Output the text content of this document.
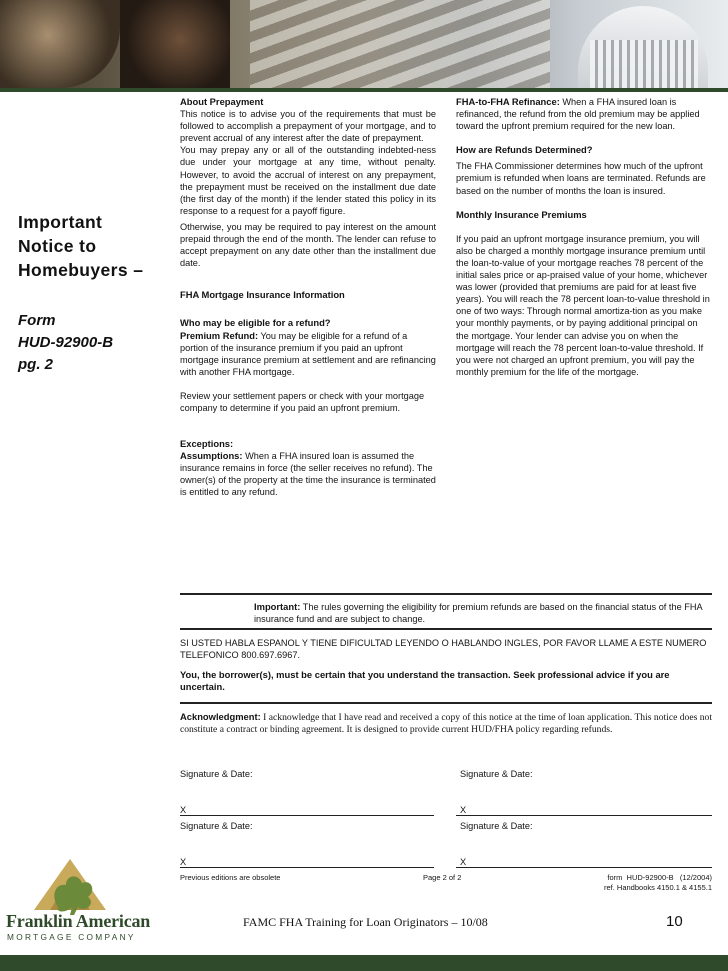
Important
Notice to
Homebuyers –
Form
HUD-92900-B
pg. 2
About Prepayment
This notice is to advise you of the requirements that must be followed to accomplish a prepayment of your mortgage, and to prevent accrual of any interest after the date of prepayment.
You may prepay any or all of the outstanding indebted-ness due under your mortgage at any time, without penalty. However, to avoid the accrual of interest on any prepayment, the prepayment must be received on the installment due date (the first day of the month) if the lender stated this policy in its response to a request for a payoff figure.
Otherwise, you may be required to pay interest on the amount prepaid through the end of the month. The lender can refuse to accept prepayment on any date other than the installment due date.
FHA Mortgage Insurance Information
Who may be eligible for a refund?
Premium Refund: You may be eligible for a refund of a portion of the insurance premium if you paid an upfront mortgage insurance premium at settlement and are refinancing with another FHA mortgage.
Review your settlement papers or check with your mortgage company to determine if you paid an upfront premium.
Exceptions:
Assumptions: When a FHA insured loan is assumed the insurance remains in force (the seller receives no refund). The owner(s) of the property at the time the insurance is terminated is entitled to any refund.
FHA-to-FHA Refinance: When a FHA insured loan is refinanced, the refund from the old premium may be applied toward the upfront premium required for the new loan.
How are Refunds Determined?
The FHA Commissioner determines how much of the upfront premium is refunded when loans are terminated. Refunds are based on the number of months the loan is insured.
Monthly Insurance Premiums
If you paid an upfront mortgage insurance premium, you will also be charged a monthly mortgage insurance premium until the loan-to-value of your mortgage reaches 78 percent of the initial sales price or ap-praised value of your home, whichever was lower (provided that premiums are paid for at least five years). You will reach the 78 percent loan-to-value threshold in one of two ways: Through normal amortiza-tion as you make your monthly payments, or by paying additional principal on the mortgage. Your lender can advise you on when the mortgage will reach the 78 percent loan-to-value threshold. If you were not charged an upfront premium, you will pay the monthly premium for the life of the mortgage.
Important: The rules governing the eligibility for premium refunds are based on the financial status of the FHA insurance fund and are subject to change.
SI USTED HABLA ESPANOL Y TIENE DIFICULTAD LEYENDO O HABLANDO INGLES, POR FAVOR LLAME A ESTE NUMERO TELEFONICO 800.697.6967.
You, the borrower(s), must be certain that you understand the transaction. Seek professional advice if you are uncertain.
Acknowledgment: I acknowledge that I have read and received a copy of this notice at the time of loan application. This notice does not constitute a contract or binding agreement. It is designed to provide current HUD/FHA policy regarding refunds.
Signature & Date:	Signature & Date:
X	X
Signature & Date:	Signature & Date:
X	X
Previous editions are obsolete	Page 2 of 2	form  HUD-92900-B   (12/2004)
ref. Handbooks 4150.1 & 4155.1
Franklin American
MORTGAGE COMPANY
FAMC FHA Training for Loan Originators – 10/08	10
